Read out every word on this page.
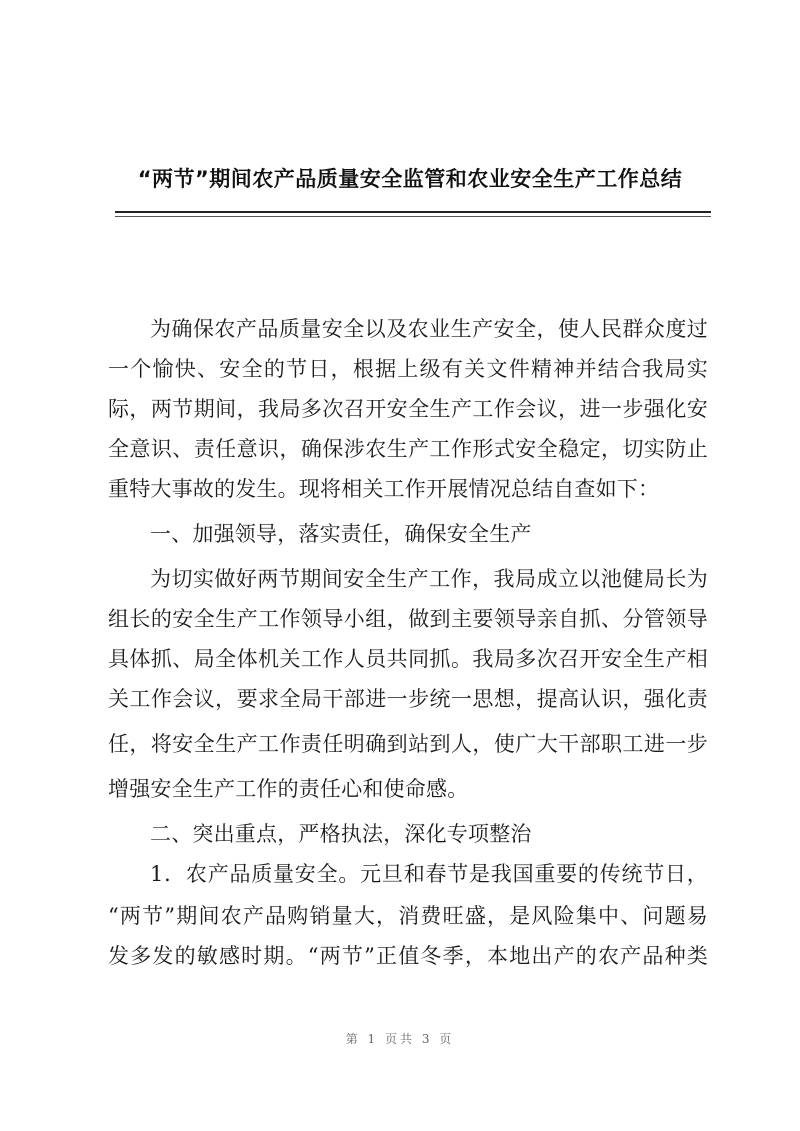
“两节”期间农产品质量安全监管和农业安全生产工作总结
为确保农产品质量安全以及农业生产安全，使人民群众度过
一个愉快、安全的节日，根据上级有关文件精神并结合我局实
际，两节期间，我局多次召开安全生产工作会议，进一步强化安
全意识、责任意识，确保涉农生产工作形式安全稳定，切实防止
重特大事故的发生。现将相关工作开展情况总结自查如下：
一、加强领导，落实责任，确保安全生产
为切实做好两节期间安全生产工作，我局成立以池健局长为
组长的安全生产工作领导小组，做到主要领导亲自抓、分管领导
具体抓、局全体机关工作人员共同抓。我局多次召开安全生产相
关工作会议，要求全局干部进一步统一思想，提高认识，强化责
任，将安全生产工作责任明确到站到人，使广大干部职工进一步
增强安全生产工作的责任心和使命感。
二、突出重点，严格执法，深化专项整治
1．农产品质量安全。元旦和春节是我国重要的传统节日，
“两节”期间农产品购销量大，消费旺盛，是风险集中、问题易
发多发的敏感时期。“两节”正值冬季，本地出产的农产品种类
第 1 页共 3 页
